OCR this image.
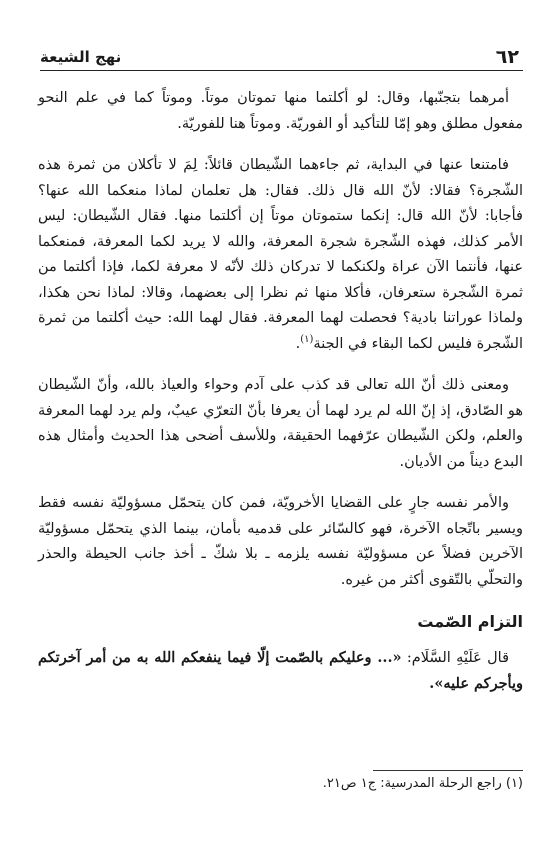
٦٢
نهج الشيعة

أمرهما بتجنّبها، وقال: لو أكلتما منها تموتان موتاً. وموتاً كما في علم النحو مفعول مطلق وهو إمّا للتأكيد أو الفوريّة. وموتاً هنا للفوريّة.

فامتنعا عنها في البداية، ثم جاءهما الشّيطان قائلاً: لِمَ لا تأكلان من ثمرة هذه الشّجرة؟ فقالا: لأنّ الله قال ذلك. فقال: هل تعلمان لماذا منعكما الله عنها؟ فأجابا: لأنّ الله قال: إنكما ستموتان موتاً إن أكلتما منها. فقال الشّيطان: ليس الأمر كذلك، فهذه الشّجرة شجرة المعرفة، والله لا يريد لكما المعرفة، فمنعكما عنها، فأنتما الآن عراة ولكنكما لا تدركان ذلك لأنّه لا معرفة لكما، فإذا أكلتما من ثمرة الشّجرة ستعرفان، فأكلا منها ثم نظرا إلى بعضهما، وقالا: لماذا نحن هكذا، ولماذا عوراتنا بادية؟ فحصلت لهما المعرفة. فقال لهما الله: حيث أكلتما من ثمرة الشّجرة فليس لكما البقاء في الجنة$^{(١)}$.

ومعنى ذلك أنّ الله تعالى قد كذب على آدم وحواء والعياذ بالله، وأنّ الشّيطان هو الصّادق، إذ إنّ الله لم يرد لهما أن يعرفا بأنّ التعرّي عيبٌ، ولم يرد لهما المعرفة والعلم، ولكن الشّيطان عرّفهما الحقيقة، وللأسف أضحى هذا الحديث وأمثال هذه البدع ديناً من الأديان.

والأمر نفسه جارٍ على القضايا الأخرويّة، فمن كان يتحمّل مسؤوليّة نفسه فقط ويسير باتّجاه الآخرة، فهو كالسّائر على قدميه بأمان، بينما الذي يتحمّل مسؤوليّة الآخرين فضلاً عن مسؤوليّة نفسه يلزمه ـ بلا شكّ ـ أخذ جانب الحيطة والحذر والتحلّي بالتّقوى أكثر من غيره.

التزام الصّمت

قال عَلَيْهِ السَّلَام: «... وعليكم بالصّمت إلّا فيما ينفعكم الله به من أمر آخرتكم ويأجركم عليه».

(١) راجع الرحلة المدرسية: ج١ ص٢١.
